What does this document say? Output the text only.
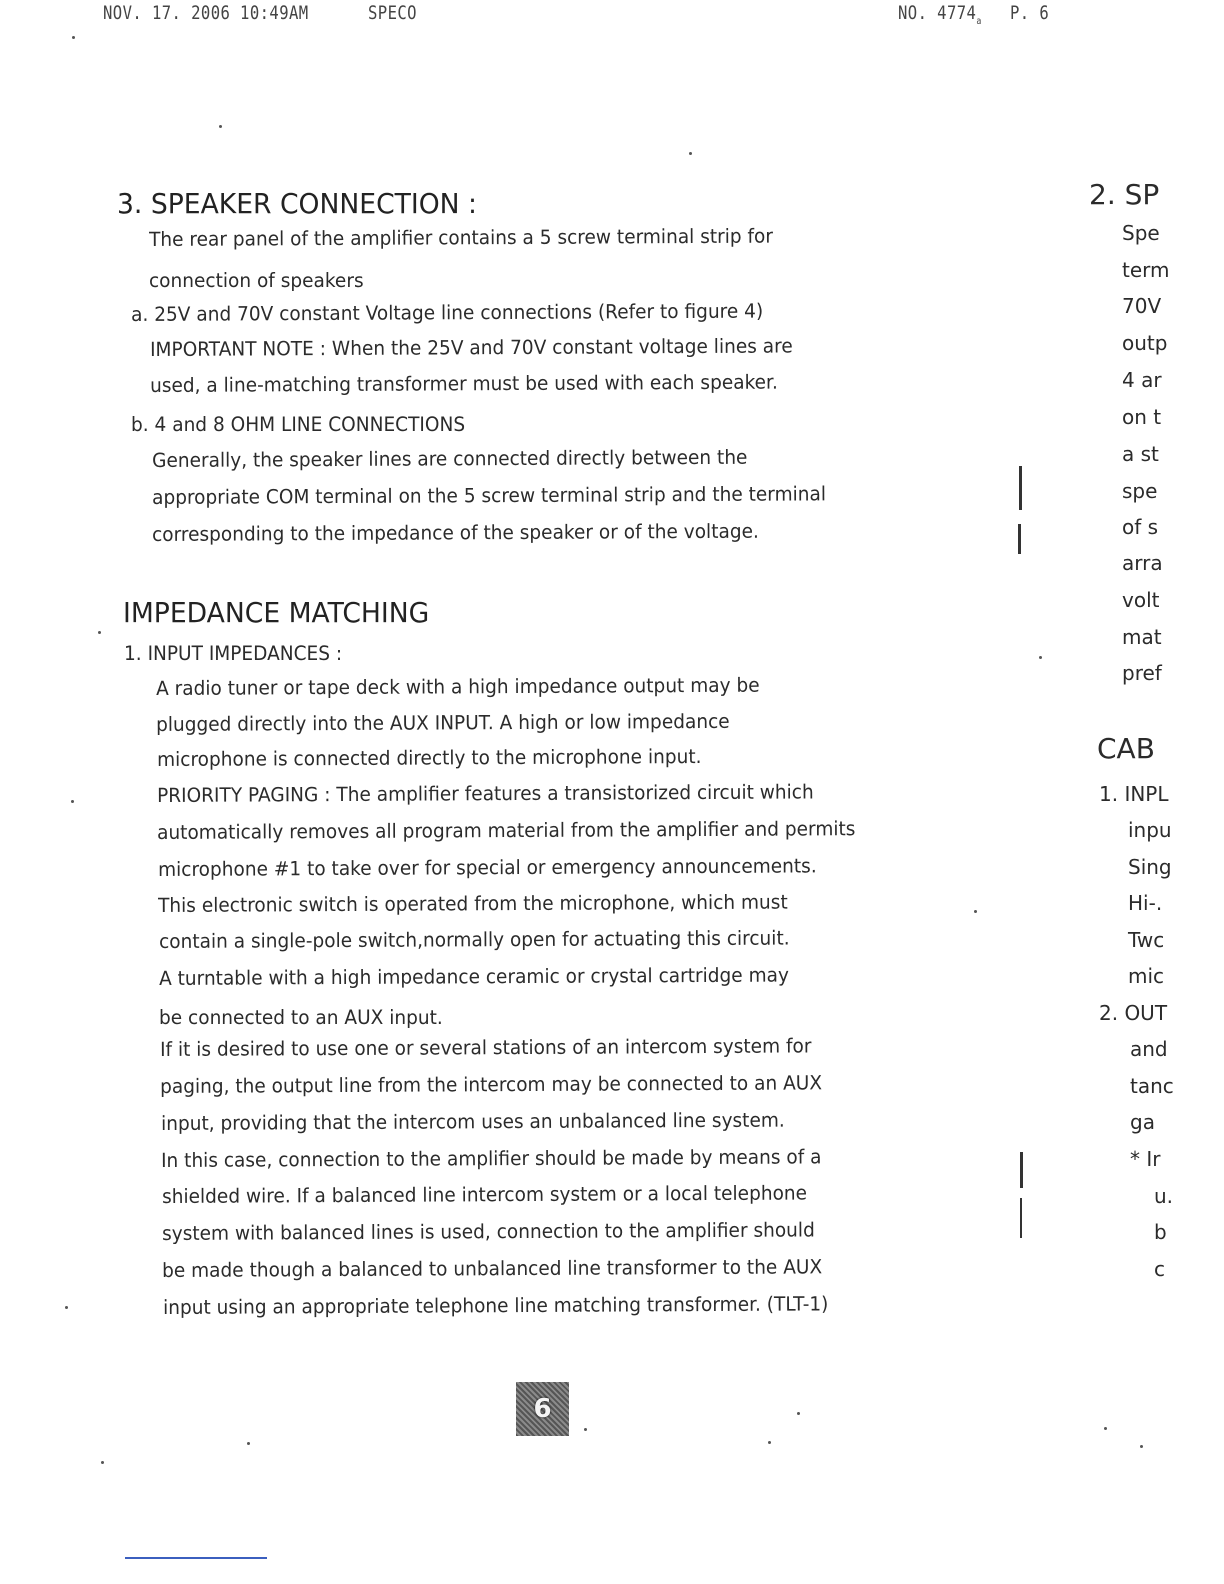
NOV. 17. 2006 10:49AM	SPECO	NO. $4774_a$ P. 6
3. SPEAKER CONNECTION :
The rear panel of the amplifier contains a 5 screw terminal strip for
connection of speakers
a. 25V and 70V constant Voltage line connections (Refer to figure 4)
IMPORTANT NOTE : When the 25V and 70V constant voltage lines are
used, a line-matching transformer must be used with each speaker.
b. 4 and 8 OHM LINE CONNECTIONS
Generally, the speaker lines are connected directly between the
appropriate COM terminal on the 5 screw terminal strip and the terminal
corresponding to the impedance of the speaker or of the voltage.
IMPEDANCE MATCHING
1. INPUT IMPEDANCES :
A radio tuner or tape deck with a high impedance output may be
plugged directly into the AUX INPUT. A high or low impedance
microphone is connected directly to the microphone input.
PRIORITY PAGING : The amplifier features a transistorized circuit which
automatically removes all program material from the amplifier and permits
microphone #1 to take over for special or emergency announcements.
This electronic switch is operated from the microphone, which must
contain a single-pole switch,normally open for actuating this circuit.
A turntable with a high impedance ceramic or crystal cartridge may
be connected to an AUX input.
If it is desired to use one or several stations of an intercom system for
paging, the output line from the intercom may be connected to an AUX
input, providing that the intercom uses an unbalanced line system.
In this case, connection to the amplifier should be made by means of a
shielded wire. If a balanced line intercom system or a local telephone
system with balanced lines is used, connection to the amplifier should
be made though a balanced to unbalanced line transformer to the AUX
input using an appropriate telephone line matching transformer. (TLT-1)
6
2. SP
Spe
term
70V
outp
4 ar
on t
a st
spe
of s
arra
volt
mat
pref
CAB
1. INPL
inpu
Sing
Hi-.
Twc
mic
2. OUT
and
tanc
ga
* Ir
u.
b
c
